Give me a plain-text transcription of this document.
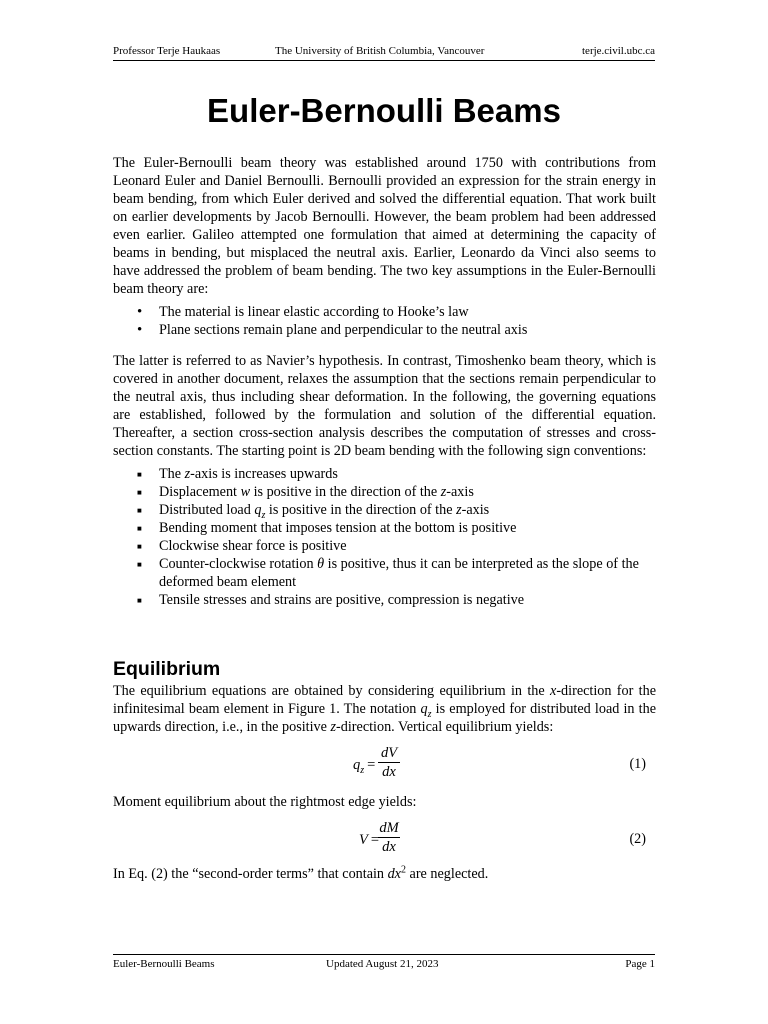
Professor Terje Haukaas	The University of British Columbia, Vancouver	terje.civil.ubc.ca
Euler-Bernoulli Beams

The Euler-Bernoulli beam theory was established around 1750 with contributions from Leonard Euler and Daniel Bernoulli. Bernoulli provided an expression for the strain energy in beam bending, from which Euler derived and solved the differential equation. That work built on earlier developments by Jacob Bernoulli. However, the beam problem had been addressed even earlier. Galileo attempted one formulation that aimed at determining the capacity of beams in bending, but misplaced the neutral axis. Earlier, Leonardo da Vinci also seems to have addressed the problem of beam bending. The two key assumptions in the Euler-Bernoulli beam theory are:

• The material is linear elastic according to Hooke’s law
• Plane sections remain plane and perpendicular to the neutral axis

The latter is referred to as Navier’s hypothesis. In contrast, Timoshenko beam theory, which is covered in another document, relaxes the assumption that the sections remain perpendicular to the neutral axis, thus including shear deformation. In the following, the governing equations are established, followed by the formulation and solution of the differential equation. Thereafter, a section cross-section analysis describes the computation of stresses and cross-section constants. The starting point is 2D beam bending with the following sign conventions:

■ The z-axis is increases upwards
■ Displacement w is positive in the direction of the z-axis
■ Distributed load $q_z$ is positive in the direction of the z-axis
■ Bending moment that imposes tension at the bottom is positive
■ Clockwise shear force is positive
■ Counter-clockwise rotation θ is positive, thus it can be interpreted as the slope of the deformed beam element
■ Tensile stresses and strains are positive, compression is negative
Equilibrium

The equilibrium equations are obtained by considering equilibrium in the x-direction for the infinitesimal beam element in Figure 1. The notation $q_z$ is employed for distributed load in the upwards direction, i.e., in the positive z-direction. Vertical equilibrium yields:

$q_z = \frac{dV}{dx}$	(1)

Moment equilibrium about the rightmost edge yields:

V =
$\frac{dM}{dx}$	(2)

In Eq. (2) the “second-order terms” that contain $dx^2$ are neglected.

Euler-Bernoulli Beams	Updated August 21, 2023	Page 1
